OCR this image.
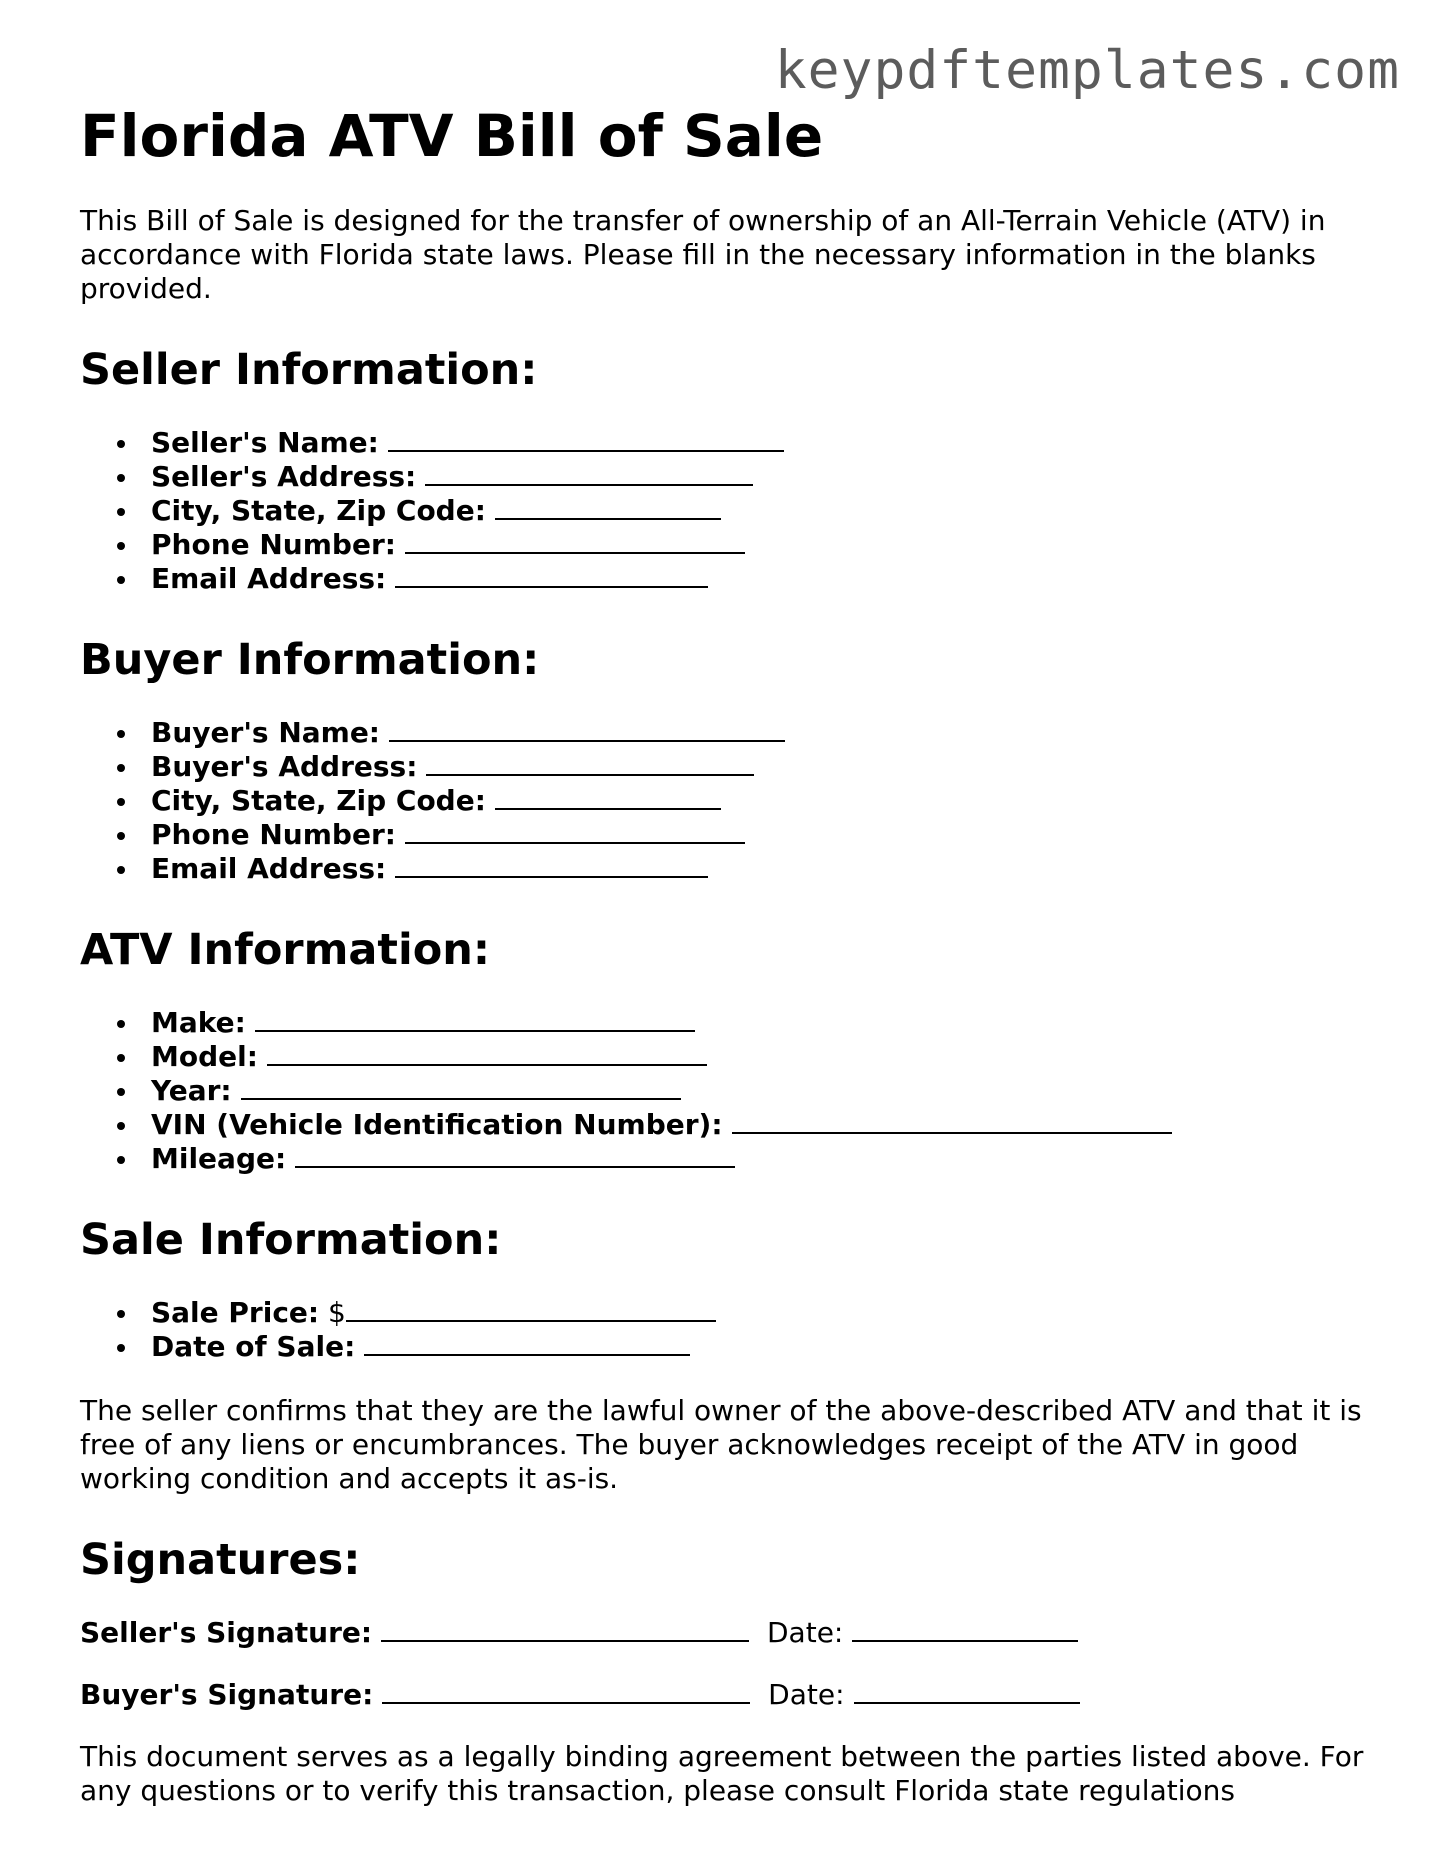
keypdftemplates.com
Florida ATV Bill of Sale

This Bill of Sale is designed for the transfer of ownership of an All-Terrain Vehicle (ATV) in accordance with Florida state laws. Please fill in the necessary information in the blanks provided.

Seller Information:
Seller's Name:
Seller's Address:
City, State, Zip Code:
Phone Number:
Email Address:
Buyer Information:
Buyer's Name:
Buyer's Address:
City, State, Zip Code:
Phone Number:
Email Address:
ATV Information:
Make:
Model:
Year:
VIN (Vehicle Identification Number):
Mileage:
Sale Information:
Sale Price: $
Date of Sale:

The seller confirms that they are the lawful owner of the above-described ATV and that it is free of any liens or encumbrances. The buyer acknowledges receipt of the ATV in good working condition and accepts it as-is.

Signatures:
Seller's Signature:	Date:
Buyer's Signature:	Date:

This document serves as a legally binding agreement between the parties listed above. For any questions or to verify this transaction, please consult Florida state regulations
